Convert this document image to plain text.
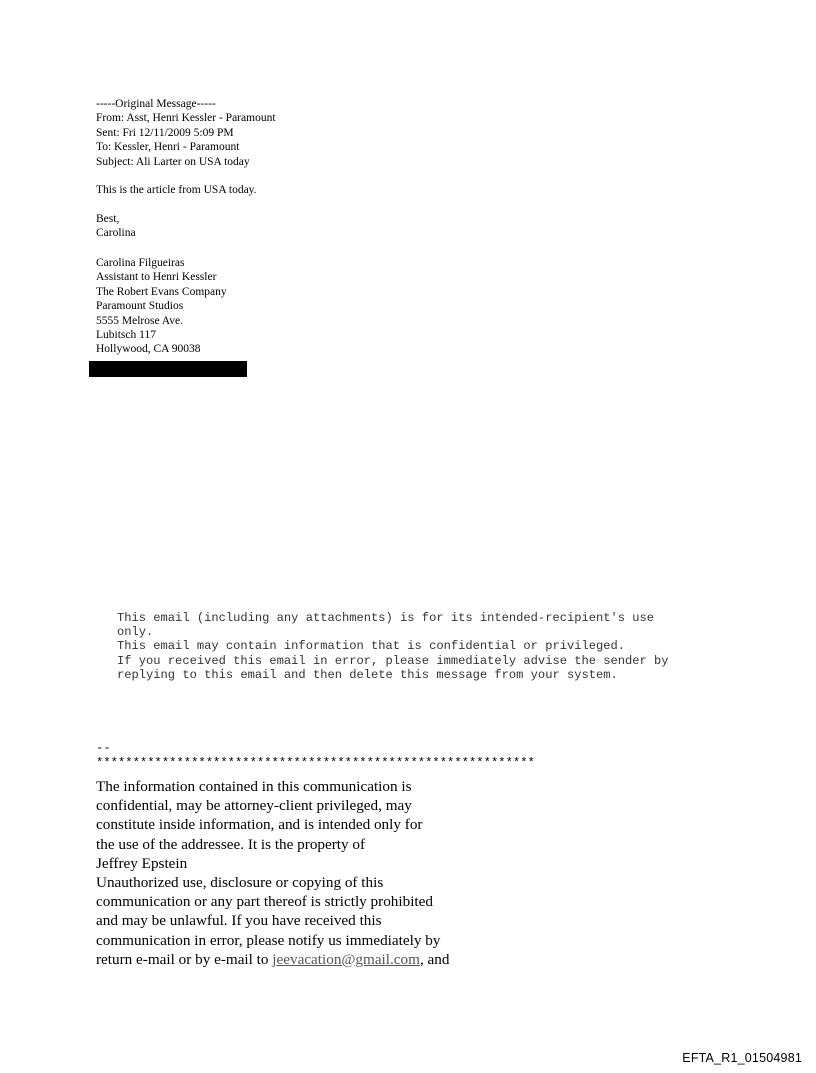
-----Original Message-----
From: Asst, Henri Kessler - Paramount
Sent: Fri 12/11/2009 5:09 PM
To: Kessler, Henri - Paramount
Subject: Ali Larter on USA today
This is the article from USA today.
Best,
Carolina
Carolina Filgueiras
Assistant to Henri Kessler
The Robert Evans Company
Paramount Studios
5555 Melrose Ave.
Lubitsch 117
Hollywood, CA 90038
This email (including any attachments) is for its intended-recipient's use
only.
This email may contain information that is confidential or privileged.
If you received this email in error, please immediately advise the sender by
replying to this email and then delete this message from your system.
--
************************************************************
The information contained in this communication is
confidential, may be attorney-client privileged, may
constitute inside information, and is intended only for
the use of the addressee. It is the property of
Jeffrey Epstein
Unauthorized use, disclosure or copying of this
communication or any part thereof is strictly prohibited
and may be unlawful. If you have received this
communication in error, please notify us immediately by
return e-mail or by e-mail to jeevacation@gmail.com, and
EFTA_R1_01504981
